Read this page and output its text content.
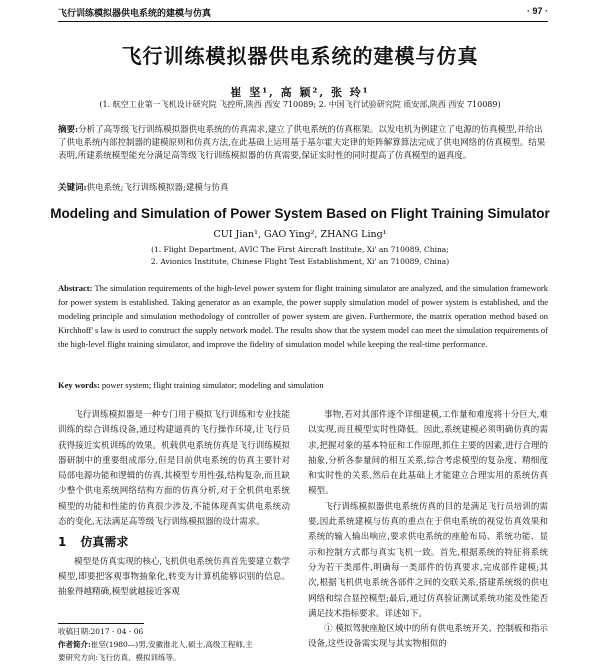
飞行训练模拟器供电系统的建模与仿真	· 97 ·
飞行训练模拟器供电系统的建模与仿真
崔 坚¹, 高 颖², 张 玲¹
(1. 航空工业第一飞机设计研究院 飞控所,陕西 西安 710089; 2. 中国飞行试验研究院 质安部,陕西 西安 710089)
摘要:分析了高等级飞行训练模拟器供电系统的仿真需求,建立了供电系统的仿真框架。以发电机为例建立了电源的仿真模型,并给出了供电系统内部控制器的建模原则和仿真方法,在此基础上运用基于基尔霍夫定律的矩阵解算算法完成了供电网络的仿真模型。结果表明,所建系统模型能充分满足高等级飞行训练模拟器的仿真需要,保证实时性的同时提高了仿真模型的逼真度。
关键词:供电系统;飞行训练模拟器;建模与仿真
Modeling and Simulation of Power System Based on Flight Training Simulator
CUI Jian¹, GAO Ying², ZHANG Ling¹
(1. Flight Department, AVIC The First Aircraft Institute, Xi' an 710089, China;
2. Avionics Institute, Chinese Flight Test Establishment, Xi' an 710089, China)
Abstract: The simulation requirements of the high-level power system for flight training simulator are analyzed, and the simulation framework for power system is established. Taking generator as an example, the power supply simulation model of power system is established, and the modeling principle and simulation methodology of controller of power system are given. Furthermore, the matrix operation method based on Kirchhoff' s law is used to construct the supply network model. The results show that the system model can meet the simulation requirements of the high-level flight training simulator, and improve the fidelity of simulation model while keeping the real-time performance.
Key words: power system; flight training simulator; modeling and simulation

飞行训练模拟器是一种专门用于模拟飞行训练和专业技能训练的综合训练设备,通过构建逼真的飞行操作环境,让飞行员获得接近实机训练的效果。机载供电系统仿真是飞行训练模拟器研制中的重要组成部分,但是目前供电系统的仿真主要针对局部电源功能和逻辑的仿真,其模型专用性强,结构复杂,而且缺少整个供电系统网络结构方面的仿真分析,对于全机供电系统模型的功能和性能的仿真很少涉及,不能体现真实供电系统动态的变化,无法满足高等级飞行训练模拟器的设计需求。

1 仿真需求

模型是仿真实现的核心,飞机供电系统仿真首先要建立数学模型,即要把客观事物抽象化,转变为计算机能够识别的信息。抽象得越精确,模型就越接近客观

事物,若对其部件逐个详细建模,工作量和难度将十分巨大,难以实现,而且模型实时性降低。因此,系统建模必须明确仿真的需求,把握对象的基本特征和工作原理,抓住主要的因素,进行合理的抽象,分析各参量间的相互关系,综合考虑模型的复杂度、精细度和实时性的关系,然后在此基础上才能建立合理实用的系统仿真模型。

飞行训练模拟器供电系统仿真的目的是满足飞行员培训的需要,因此系统建模与仿真的重点在于供电系统的视觉仿真效果和系统的输入输出响应,要求供电系统的座舱布局、系统功能、显示和控制方式都与真实飞机一致。首先,根据系统的特征将系统分为若干类部件,明确每一类部件的仿真要求,完成部件建模;其次,根据飞机供电系统各部件之间的交联关系,搭建系统级的供电网络和综合显控模型;最后,通过仿真验证测试系统功能及性能否满足技术指标要求。详述如下。

① 模拟驾驶座舱区域中的所有供电系统开关、控制板和指示设备,这些设备需实现与其实物相似的

收稿日期:2017 - 04 - 06
作者简介:崔坚(1980—)男,安徽淮北人,硕士,高级工程师,主
要研究方向:飞行仿真、模拟训练等。
